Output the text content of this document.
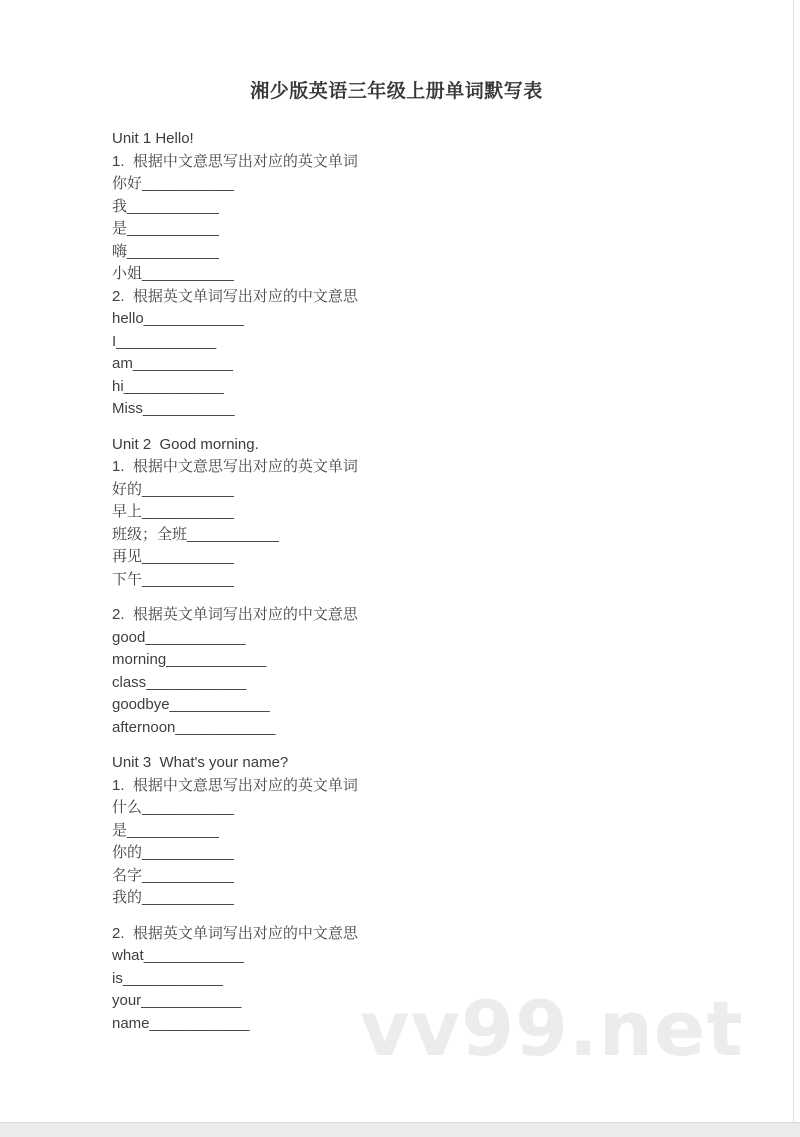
vv99.net
湘少版英语三年级上册单词默写表
Unit 1 Hello!
1.  根据中文意思写出对应的英文单词
你好___________
我___________
是___________
嗨___________
小姐___________
2.  根据英文单词写出对应的中文意思
hello____________
I____________
am____________
hi____________
Miss___________
Unit 2  Good morning.
1.  根据中文意思写出对应的英文单词
好的___________
早上___________
班级；全班___________
再见___________
下午___________
2.  根据英文单词写出对应的中文意思
good____________
morning____________
class____________
goodbye____________
afternoon____________
Unit 3  What's your name?
1.  根据中文意思写出对应的英文单词
什么___________
是___________
你的___________
名字___________
我的___________
2.  根据英文单词写出对应的中文意思
what____________
is____________
your____________
name____________
